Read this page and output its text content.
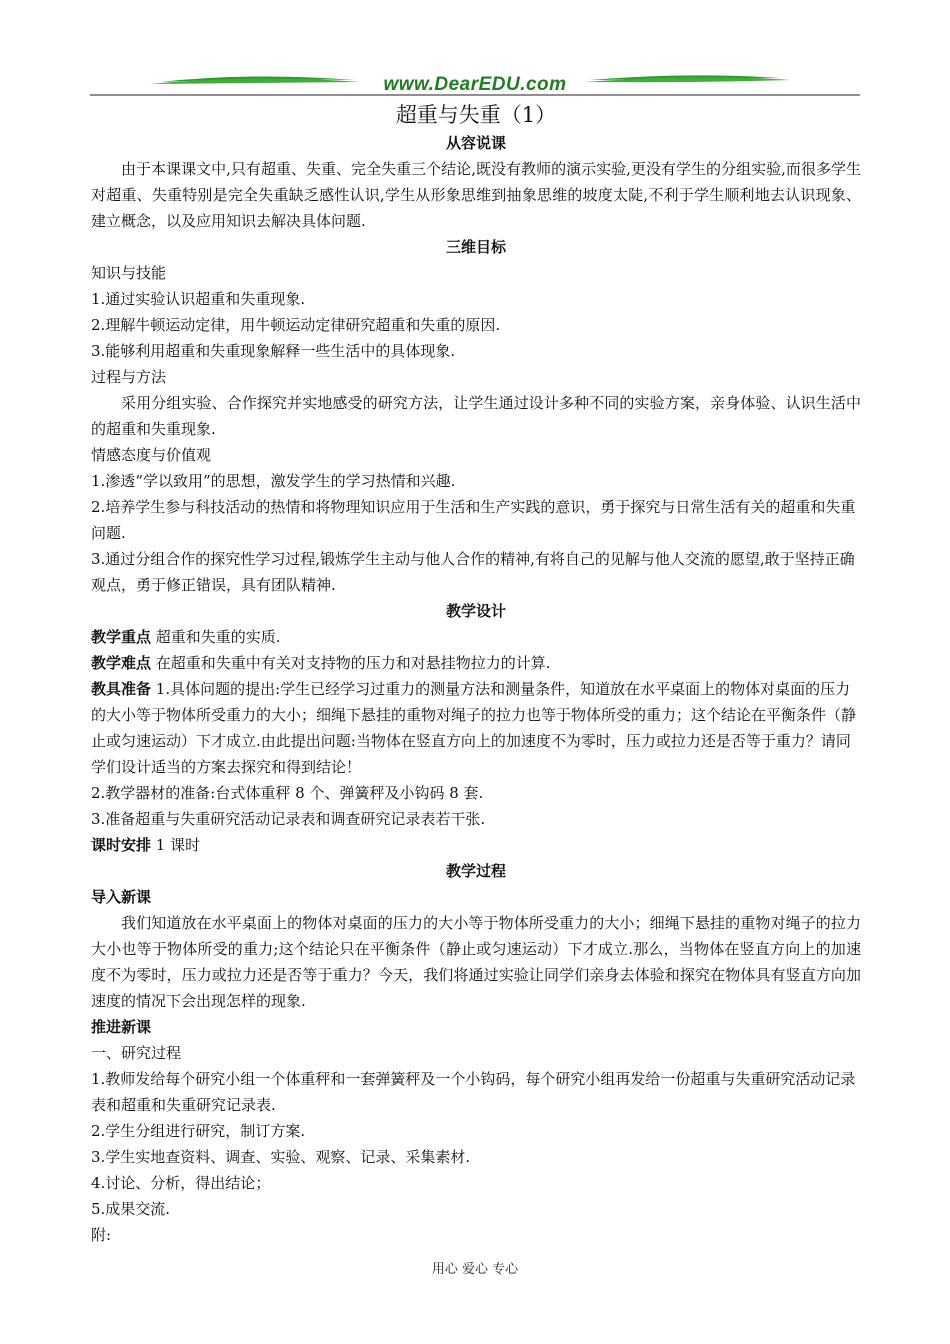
www.DearEDU.com
超重与失重（1）

从容说课

由于本课课文中,只有超重、失重、完全失重三个结论,既没有教师的演示实验,更没有学生的分组实验,而很多学生对超重、失重特别是完全失重缺乏感性认识,学生从形象思维到抽象思维的坡度太陡,不利于学生顺利地去认识现象、建立概念，以及应用知识去解决具体问题.

三维目标

知识与技能

1.通过实验认识超重和失重现象.

2.理解牛顿运动定律，用牛顿运动定律研究超重和失重的原因.

3.能够利用超重和失重现象解释一些生活中的具体现象.

过程与方法

采用分组实验、合作探究并实地感受的研究方法，让学生通过设计多种不同的实验方案，亲身体验、认识生活中的超重和失重现象.

情感态度与价值观

1.渗透“学以致用”的思想，激发学生的学习热情和兴趣.

2.培养学生参与科技活动的热情和将物理知识应用于生活和生产实践的意识，勇于探究与日常生活有关的超重和失重问题.

3.通过分组合作的探究性学习过程,锻炼学生主动与他人合作的精神,有将自己的见解与他人交流的愿望,敢于坚持正确观点，勇于修正错误，具有团队精神.

教学设计

教学重点 超重和失重的实质.

教学难点 在超重和失重中有关对支持物的压力和对悬挂物拉力的计算.

教具准备 1.具体问题的提出:学生已经学习过重力的测量方法和测量条件，知道放在水平桌面上的物体对桌面的压力的大小等于物体所受重力的大小；细绳下悬挂的重物对绳子的拉力也等于物体所受的重力；这个结论在平衡条件（静止或匀速运动）下才成立.由此提出问题:当物体在竖直方向上的加速度不为零时，压力或拉力还是否等于重力？请同学们设计适当的方案去探究和得到结论！

2.教学器材的准备:台式体重秤 8 个、弹簧秤及小钩码 8 套.

3.准备超重与失重研究活动记录表和调查研究记录表若干张.

课时安排 1 课时

教学过程

导入新课

我们知道放在水平桌面上的物体对桌面的压力的大小等于物体所受重力的大小；细绳下悬挂的重物对绳子的拉力大小也等于物体所受的重力;这个结论只在平衡条件（静止或匀速运动）下才成立.那么，当物体在竖直方向上的加速度不为零时，压力或拉力还是否等于重力？今天，我们将通过实验让同学们亲身去体验和探究在物体具有竖直方向加速度的情况下会出现怎样的现象.

推进新课

一、研究过程

1.教师发给每个研究小组一个体重秤和一套弹簧秤及一个小钩码，每个研究小组再发给一份超重与失重研究活动记录表和超重和失重研究记录表.

2.学生分组进行研究，制订方案.

3.学生实地查资料、调查、实验、观察、记录、采集素材.

4.讨论、分析，得出结论；

5.成果交流.

附:

用心 爱心 专心
